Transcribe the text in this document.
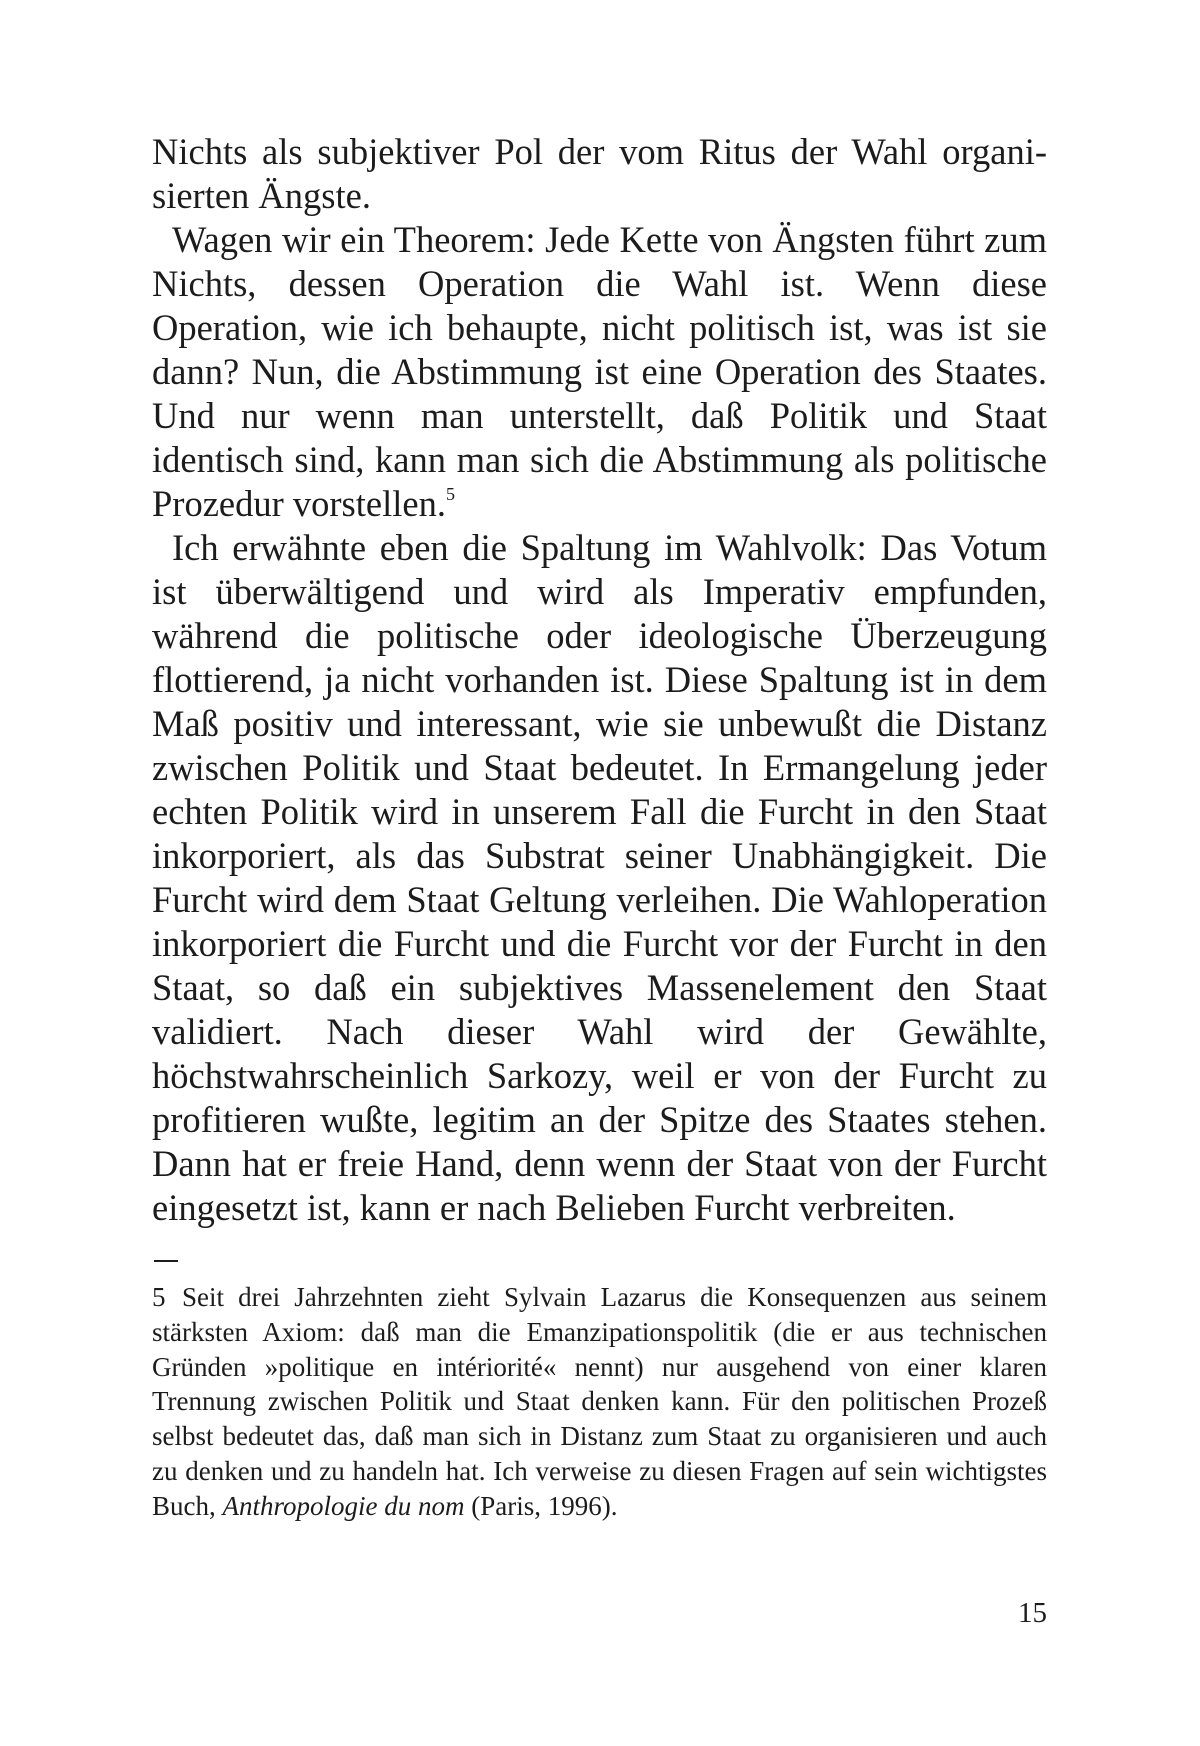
Nichts als subjektiver Pol der vom Ritus der Wahl organisierten Ängste.

Wagen wir ein Theorem: Jede Kette von Ängsten führt zum Nichts, dessen Operation die Wahl ist. Wenn diese Operation, wie ich behaupte, nicht politisch ist, was ist sie dann? Nun, die Abstimmung ist eine Operation des Staates. Und nur wenn man unterstellt, daß Politik und Staat identisch sind, kann man sich die Abstimmung als politische Prozedur vorstellen.$^5$

Ich erwähnte eben die Spaltung im Wahlvolk: Das Votum ist überwältigend und wird als Imperativ empfunden, während die politische oder ideologische Überzeugung flottierend, ja nicht vorhanden ist. Diese Spaltung ist in dem Maß positiv und interessant, wie sie unbewußt die Distanz zwischen Politik und Staat bedeutet. In Ermangelung jeder echten Politik wird in unserem Fall die Furcht in den Staat inkorporiert, als das Substrat seiner Unabhängigkeit. Die Furcht wird dem Staat Geltung verleihen. Die Wahloperation inkorporiert die Furcht und die Furcht vor der Furcht in den Staat, so daß ein subjektives Massenelement den Staat validiert. Nach dieser Wahl wird der Gewählte, höchstwahrscheinlich Sarkozy, weil er von der Furcht zu profitieren wußte, legitim an der Spitze des Staates stehen. Dann hat er freie Hand, denn wenn der Staat von der Furcht eingesetzt ist, kann er nach Belieben Furcht verbreiten.

5 Seit drei Jahrzehnten zieht Sylvain Lazarus die Konsequenzen aus seinem stärksten Axiom: daß man die Emanzipationspolitik (die er aus technischen Gründen »politique en intériorité« nennt) nur ausgehend von einer klaren Trennung zwischen Politik und Staat denken kann. Für den politischen Prozeß selbst bedeutet das, daß man sich in Distanz zum Staat zu organisieren und auch zu denken und zu handeln hat. Ich verweise zu diesen Fragen auf sein wichtigstes Buch, Anthropologie du nom (Paris, 1996).

15
